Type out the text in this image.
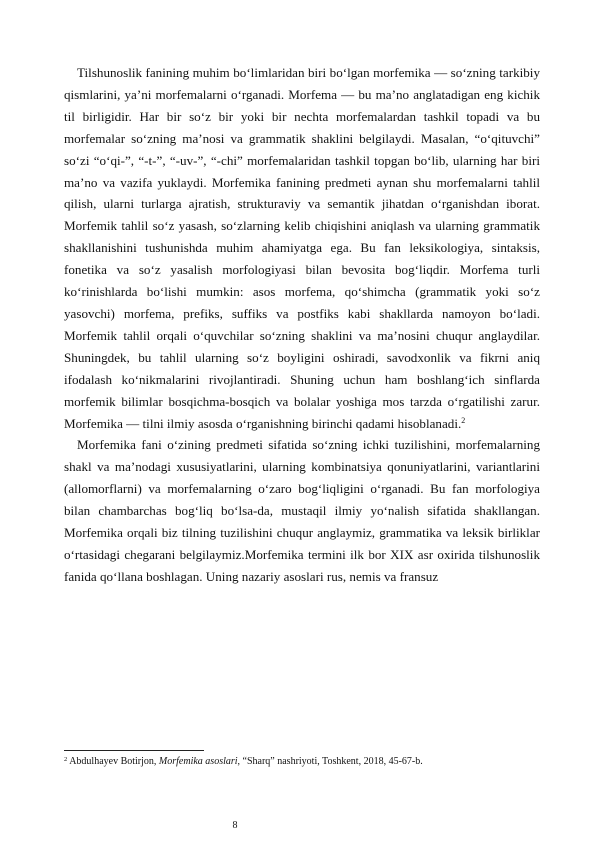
Tilshunoslik fanining muhim bo‘limlaridan biri bo‘lgan morfemika — so‘zning tarkibiy qismlarini, ya’ni morfemalarni o‘rganadi. Morfema — bu ma’no anglatadigan eng kichik til birligidir. Har bir so‘z bir yoki bir nechta morfemalardan tashkil topadi va bu morfemalar so‘zning ma’nosi va grammatik shaklini belgilaydi. Masalan, “o‘qituvchi” so‘zi “o‘qi-”, “-t-”, “-uv-”, “-chi” morfemalaridan tashkil topgan bo‘lib, ularning har biri ma’no va vazifa yuklaydi. Morfemika fanining predmeti aynan shu morfemalarni tahlil qilish, ularni turlarga ajratish, strukturaviy va semantik jihatdan o‘rganishdan iborat. Morfemik tahlil so‘z yasash, so‘zlarning kelib chiqishini aniqlash va ularning grammatik shakllanishini tushunishda muhim ahamiyatga ega. Bu fan leksikologiya, sintaksis, fonetika va so‘z yasalish morfologiyasi bilan bevosita bog‘liqdir. Morfema turli ko‘rinishlarda bo‘lishi mumkin: asos morfema, qo‘shimcha (grammatik yoki so‘z yasovchi) morfema, prefiks, suffiks va postfiks kabi shakllarda namoyon bo‘ladi. Morfemik tahlil orqali o‘quvchilar so‘zning shaklini va ma’nosini chuqur anglaydilar. Shuningdek, bu tahlil ularning so‘z boyligini oshiradi, savodxonlik va fikrni aniq ifodalash ko‘nikmalarini rivojlantiradi. Shuning uchun ham boshlang‘ich sinflarda morfemik bilimlar bosqichma-bosqich va bolalar yoshiga mos tarzda o‘rgatilishi zarur. Morfemika — tilni ilmiy asosda o‘rganishning birinchi qadami hisoblanadi.$^2$

Morfemika fani o‘zining predmeti sifatida so‘zning ichki tuzilishini, morfemalarning shakl va ma’nodagi xususiyatlarini, ularning kombinatsiya qonuniyatlarini, variantlarini (allomorflarni) va morfemalarning o‘zaro bog‘liqligini o‘rganadi. Bu fan morfologiya bilan chambarchas bog‘liq bo‘lsa-da, mustaqil ilmiy yo‘nalish sifatida shakllangan. Morfemika orqali biz tilning tuzilishini chuqur anglaymiz, grammatika va leksik birliklar o‘rtasidagi chegarani belgilaymiz.Morfemika termini ilk bor XIX asr oxirida tilshunoslik fanida qo‘llana boshlagan. Uning nazariy asoslari rus, nemis va fransuz

$^2$ Abdulhayev Botirjon, Morfemika asoslari, “Sharq” nashriyoti, Toshkent, 2018, 45-67-b.
8
